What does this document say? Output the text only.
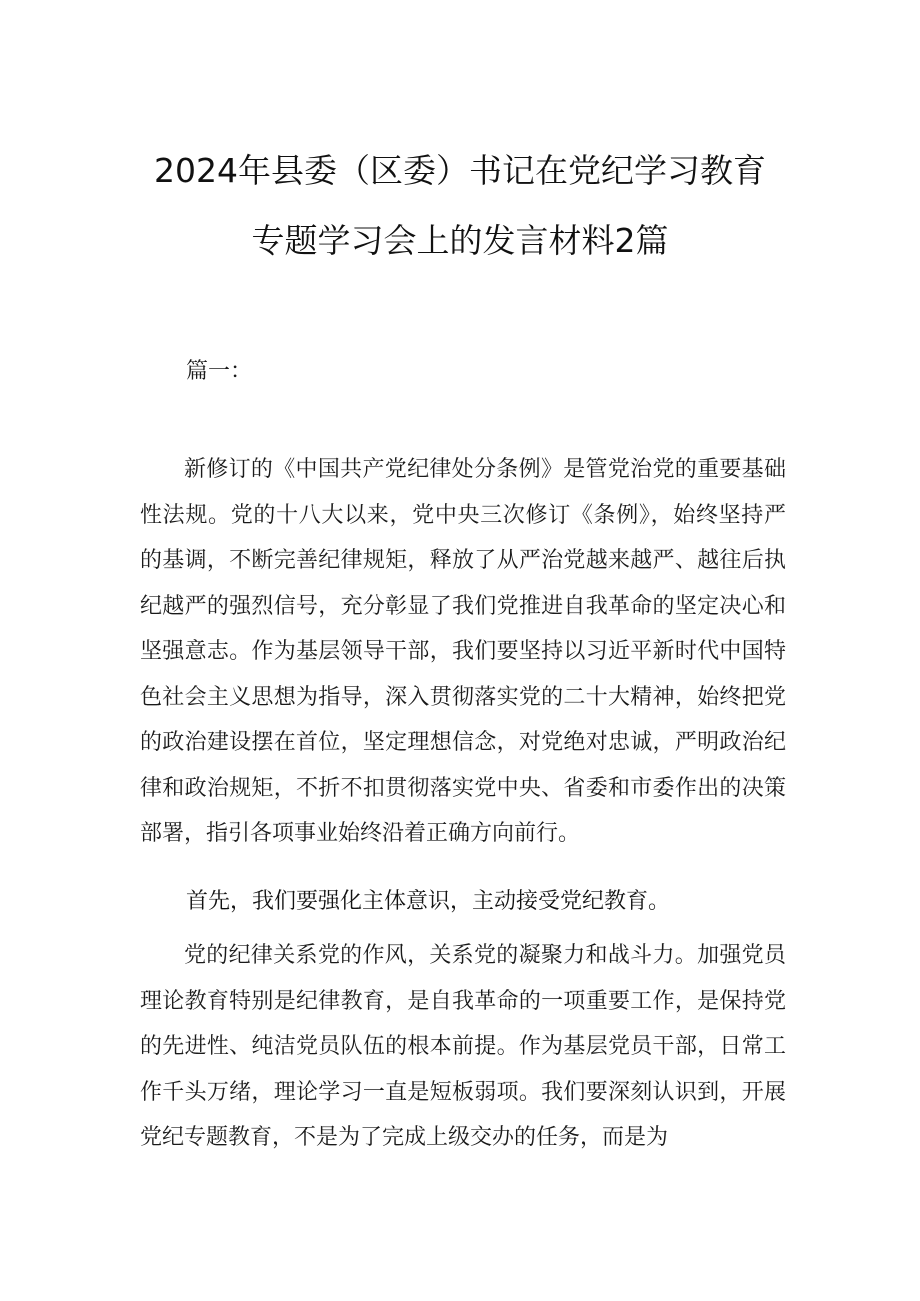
2024年县委（区委）书记在党纪学习教育
专题学习会上的发言材料2篇
篇一：

新修订的《中国共产党纪律处分条例》是管党治党的重要基础性法规。党的十八大以来，党中央三次修订《条例》，始终坚持严的基调，不断完善纪律规矩，释放了从严治党越来越严、越往后执纪越严的强烈信号，充分彰显了我们党推进自我革命的坚定决心和坚强意志。作为基层领导干部，我们要坚持以习近平新时代中国特色社会主义思想为指导，深入贯彻落实党的二十大精神，始终把党的政治建设摆在首位，坚定理想信念，对党绝对忠诚，严明政治纪律和政治规矩，不折不扣贯彻落实党中央、省委和市委作出的决策部署，指引各项事业始终沿着正确方向前行。

首先，我们要强化主体意识，主动接受党纪教育。

党的纪律关系党的作风，关系党的凝聚力和战斗力。加强党员理论教育特别是纪律教育，是自我革命的一项重要工作，是保持党的先进性、纯洁党员队伍的根本前提。作为基层党员干部，日常工作千头万绪，理论学习一直是短板弱项。我们要深刻认识到，开展党纪专题教育，不是为了完成上级交办的任务，而是为
